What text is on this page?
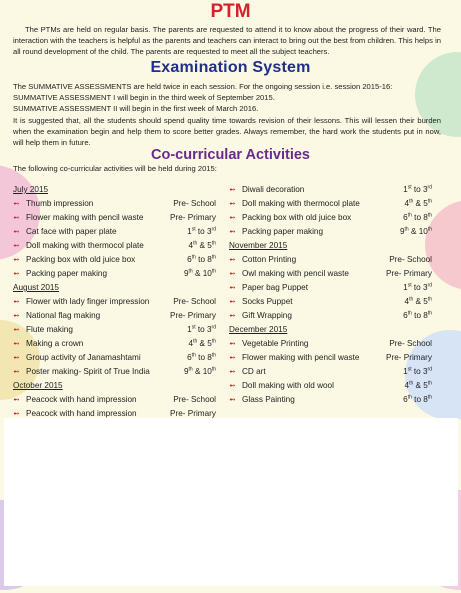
PTM
The PTMs are held on regular basis. The parents are requested to attend it to know about the progress of their ward. The interaction with the teachers is helpful as the parents and teachers can interact to bring out the best from children. This helps in all round development of the child. The parents are requested to meet all the subject teachers.
Examination System
The SUMMATIVE ASSESSMENTS are held twice in each session. For the ongoing session i.e. session 2015-16:
SUMMATIVE ASSESSMENT I will begin in the third week of September 2015.
SUMMATIVE ASSESSMENT II will begin in the first week of March 2016.
It is suggested that, all the students should spend quality time towards revision of their lessons. This will lessen their burden when the examination begin and help them to score better grades. Always remember, the hard work the students put in now, will help them in future.
Co-curricular Activities
The following co-curricular activities will be held during 2015:
July 2015
➻ Thumb impression	Pre- School
➻ Flower making with pencil waste	Pre- Primary
➻ Cat face with paper plate	1st to 3rd
➻ Doll making with thermocol plate	4th & 5th
➻ Packing box with old juice box	6th to 8th
➻ Packing paper making	9th & 10th
August 2015
➻ Flower with lady finger impression	Pre- School
➻ National flag making	Pre- Primary
➻ Flute making	1st to 3rd
➻ Making a crown	4th & 5th
➻ Group activity of Janamashtami	6th to 8th
➻ Poster making- Spirit of True India	9th & 10th
October 2015
➻ Peacock with hand impression	Pre- School
➻ Peacock with hand impression	Pre- Primary
➻ Diwali decoration	1st to 3rd
➻ Doll making with thermocol plate	4th & 5th
➻ Packing box with old juice box	6th to 8th
➻ Packing paper making	9th & 10th
November 2015
➻ Cotton Printing	Pre- School
➻ Owl making with pencil waste	Pre- Primary
➻ Paper bag Puppet	1st to 3rd
➻ Socks Puppet	4th & 5th
➻ Gift Wrapping	6th to 8th
December 2015
➻ Vegetable Printing	Pre- School
➻ Flower making with pencil waste	Pre- Primary
➻ CD art	1st to 3rd
➻ Doll making with old wool	4th & 5th
➻ Glass Painting	6th to 8th
